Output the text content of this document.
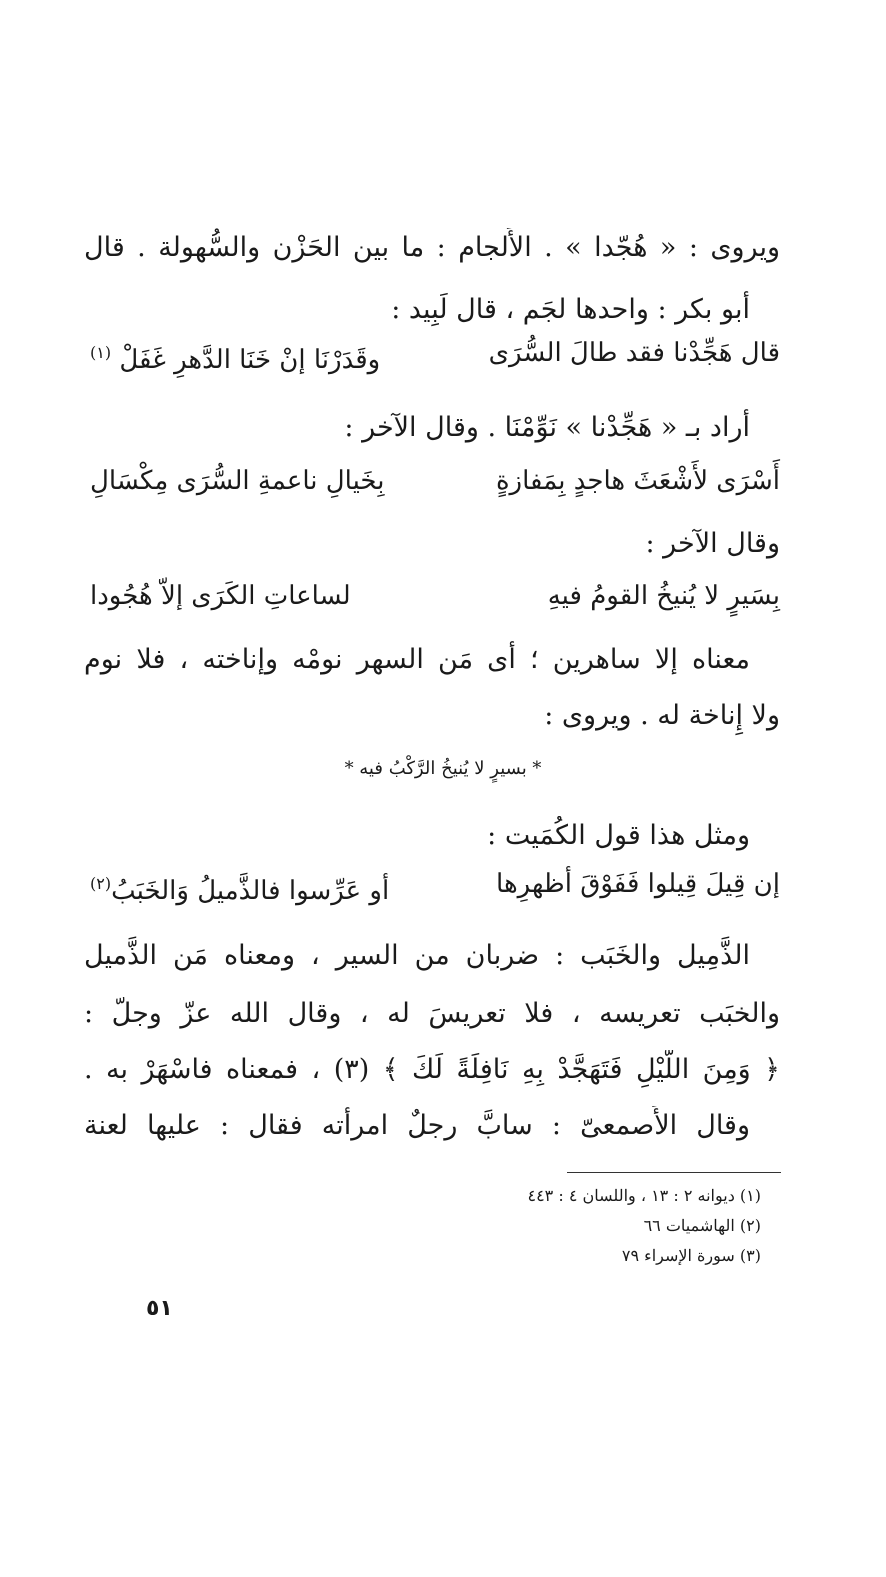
ويروى : « هُجّدا » . الأَلجام : ما بين الحَزْن والسُّهولة . قال
أَبو بكر : واحدها لجَم ، قال لَبِيد :
قال هَجِّدْنا فقد طالَ السُّرَى
وقَدَرْنَا إنْ خَنَا الدَّهرِ غَفَلْ $^{(١)}$
أَراد بـ « هَجِّدْنا » نَوِّمْنَا . وقال الآخر :
أَسْرَى لأَشْعَثَ هاجدٍ بِمَفازةٍ
بِخَيالِ ناعمةِ السُّرَى مِكْسَالِ
وقال الآخر :
بِسَيرٍ لا يُنيخُ القومُ فيهِ
لساعاتِ الكَرَى إلاّ هُجُودا
معناه إلا ساهرين ؛ أَى مَن السهر نومْه وإناخته ، فلا نوم
ولا إِناخة له . ويروى :
* بسيرٍ لا يُنيخُ الرَّكْبُ فيه *
ومثل هذا قول الكُمَيت :
إن قِيلَ قِيلوا فَفَوْقَ أظهرِها
أو عَرِّسوا فالذَّميلُ وَالخَبَبُ$^{(٢)}$
الذَّمِيل والخَبَب : ضربان من السير ، ومعناه مَن الذَّميل
والخبَب تعريسه ، فلا تعريسَ له ، وقال الله عزّ وجلّ :
﴿ وَمِنَ اللَّيْلِ فَتَهَجَّدْ بِهِ نَافِلَةً لَكَ ﴾ (٣) ، فمعناه فاسْهَرْ به .
وقال الأَصمعىّ : سابَّ رجلٌ امرأَته فقال : عليها لعنة
(١) ديوانه ٢ : ١٣ ، واللسان ٤ : ٤٤٣
(٢) الهاشميات ٦٦
(٣) سورة الإسراء ٧٩
٥١
